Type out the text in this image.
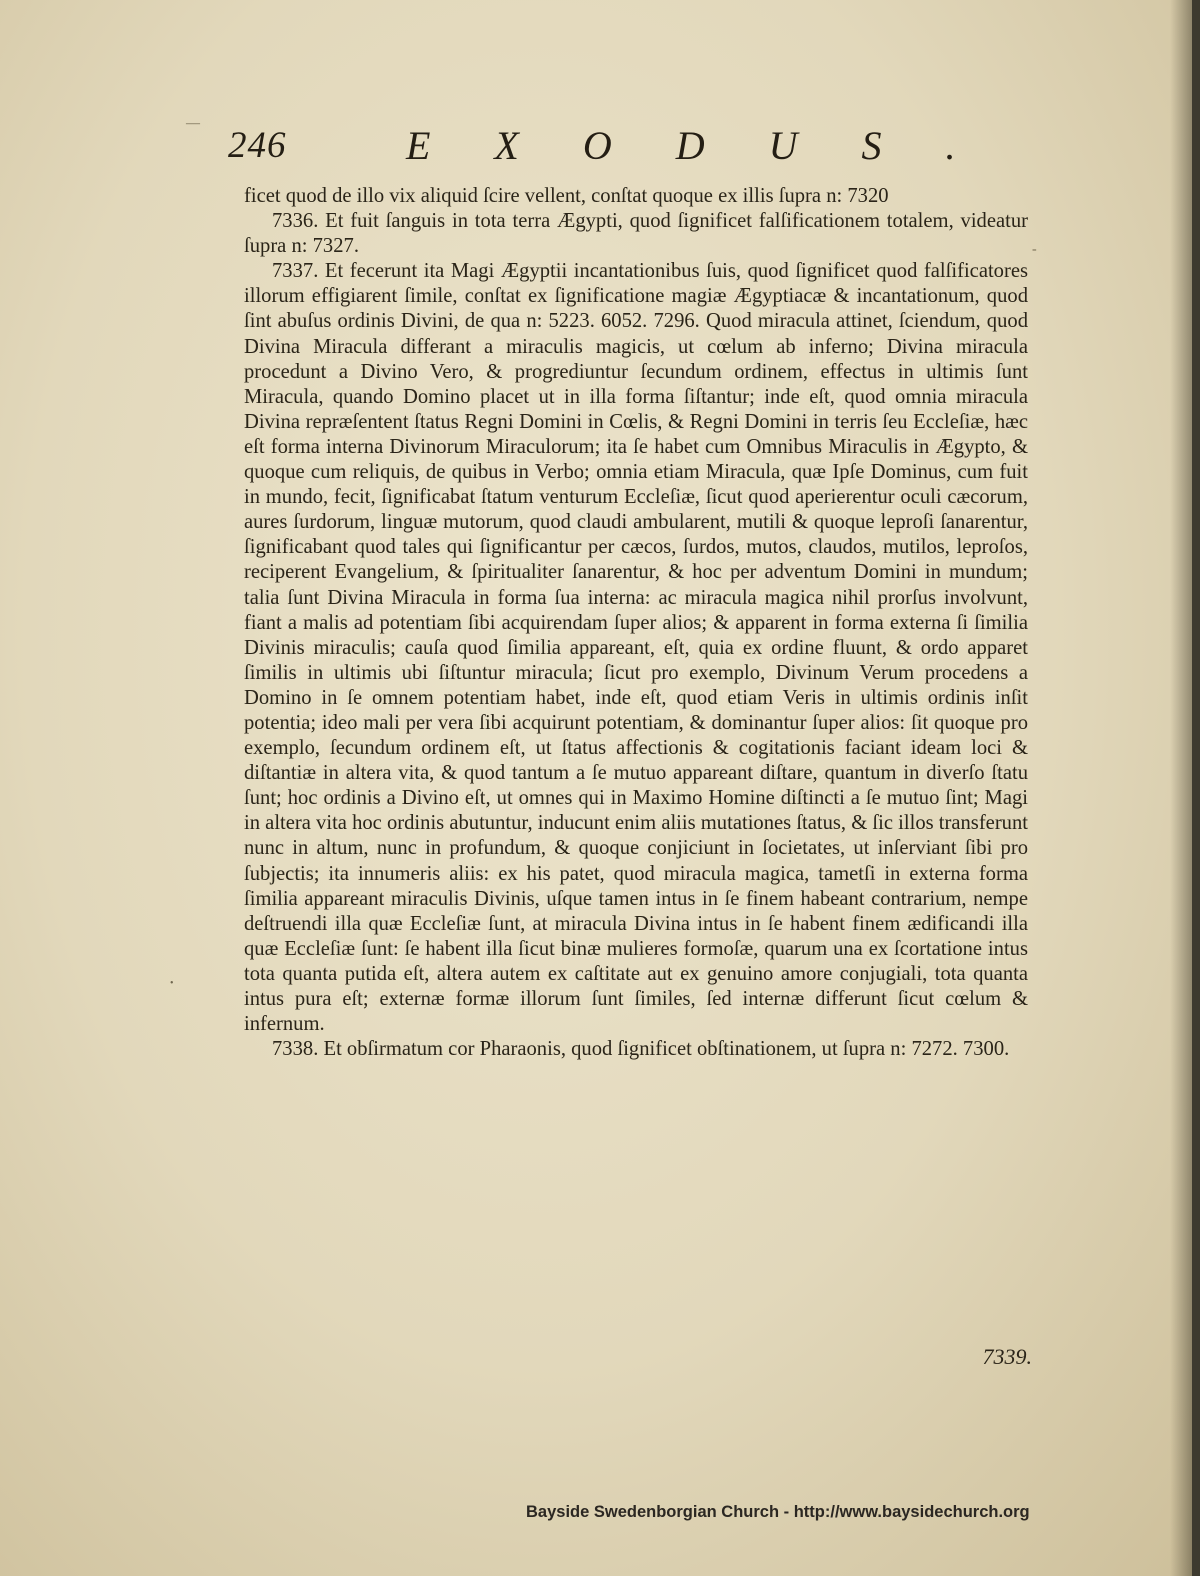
—
-
•
246	EXODUS.

ficet quod de illo vix aliquid ſcire vellent, conſtat quoque ex illis ſupra n: 7320

7336. Et fuit ſanguis in tota terra Ægypti, quod ſignificet falſificationem totalem, videatur ſupra n: 7327.

7337. Et fecerunt ita Magi Ægyptii incantationibus ſuis, quod ſignificet quod falſificatores illorum effigiarent ſimile, conſtat ex ſignificatione magiæ Ægyptiacæ & incantationum, quod ſint abuſus ordinis Divini, de qua n: 5223. 6052. 7296. Quod miracula attinet, ſciendum, quod Divina Miracula differant a miraculis magicis, ut cœlum ab inferno; Divina miracula procedunt a Divino Vero, & progrediuntur ſecundum ordinem, effectus in ultimis ſunt Miracula, quando Domino placet ut in illa forma ſiſtantur; inde eſt, quod omnia miracula Divina repræſentent ſtatus Regni Domini in Cœlis, & Regni Domini in terris ſeu Eccleſiæ, hæc eſt forma interna Divinorum Miraculorum; ita ſe habet cum Omnibus Miraculis in Ægypto, & quoque cum reliquis, de quibus in Verbo; omnia etiam Miracula, quæ Ipſe Dominus, cum fuit in mundo, fecit, ſignificabat ſtatum venturum Eccleſiæ, ſicut quod aperierentur oculi cæcorum, aures ſurdorum, linguæ mutorum, quod claudi ambularent, mutili & quoque leproſi ſanarentur, ſignificabant quod tales qui ſignificantur per cæcos, ſurdos, mutos, claudos, mutilos, leproſos, reciperent Evangelium, & ſpiritualiter ſanarentur, & hoc per adventum Domini in mundum; talia ſunt Divina Miracula in forma ſua interna: ac miracula magica nihil prorſus involvunt, fiant a malis ad potentiam ſibi acquirendam ſuper alios; & apparent in forma externa ſi ſimilia Divinis miraculis; cauſa quod ſimilia appareant, eſt, quia ex ordine fluunt, & ordo apparet ſimilis in ultimis ubi ſiſtuntur miracula; ſicut pro exemplo, Divinum Verum procedens a Domino in ſe omnem potentiam habet, inde eſt, quod etiam Veris in ultimis ordinis inſit potentia; ideo mali per vera ſibi acquirunt potentiam, & dominantur ſuper alios: ſit quoque pro exemplo, ſecundum ordinem eſt, ut ſtatus affectionis & cogitationis faciant ideam loci & diſtantiæ in altera vita, & quod tantum a ſe mutuo appareant diſtare, quantum in diverſo ſtatu ſunt; hoc ordinis a Divino eſt, ut omnes qui in Maximo Homine diſtincti a ſe mutuo ſint; Magi in altera vita hoc ordinis abutuntur, inducunt enim aliis mutationes ſtatus, & ſic illos transferunt nunc in altum, nunc in profundum, & quoque conjiciunt in ſocietates, ut inſerviant ſibi pro ſubjectis; ita innumeris aliis: ex his patet, quod miracula magica, tametſi in externa forma ſimilia appareant miraculis Divinis, uſque tamen intus in ſe finem habeant contrarium, nempe deſtruendi illa quæ Eccleſiæ ſunt, at miracula Divina intus in ſe habent finem ædificandi illa quæ Eccleſiæ ſunt: ſe habent illa ſicut binæ mulieres formoſæ, quarum una ex ſcortatione intus tota quanta putida eſt, altera autem ex caſtitate aut ex genuino amore conjugiali, tota quanta intus pura eſt; externæ formæ illorum ſunt ſimiles, ſed internæ differunt ſicut cœlum & infernum.

7338. Et obſirmatum cor Pharaonis, quod ſignificet obſtinationem, ut ſupra n: 7272. 7300.

7339.
Bayside Swedenborgian Church - http://www.baysidechurch.org
